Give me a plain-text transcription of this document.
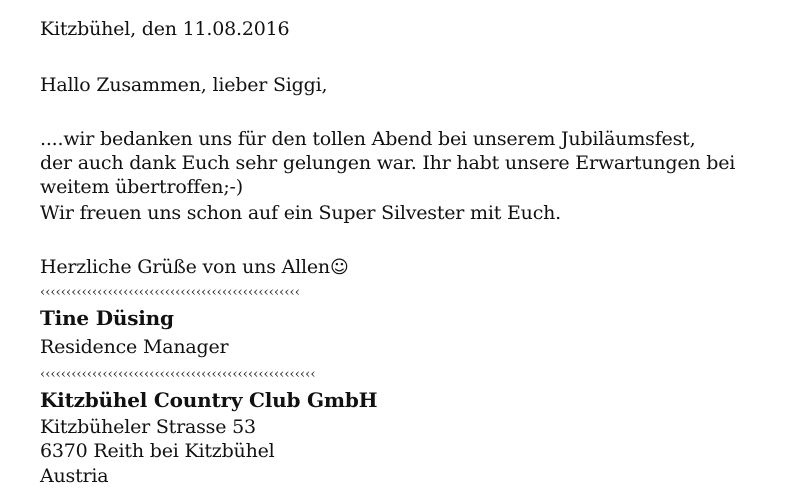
Kitzbühel, den 11.08.2016
Hallo Zusammen, lieber Siggi,
....wir bedanken uns für den tollen Abend bei unserem Jubiläumsfest,
der auch dank Euch sehr gelungen war. Ihr habt unsere Erwartungen bei
weitem übertroffen;-)
Wir freuen uns schon auf ein Super Silvester mit Euch.
Herzliche Grüße von uns Allen☺
‹‹‹‹‹‹‹‹‹‹‹‹‹‹‹‹‹‹‹‹‹‹‹‹‹‹‹‹‹‹‹‹‹‹‹‹‹‹‹‹‹‹‹‹‹‹‹‹‹‹
Tine Düsing
Residence Manager
‹‹‹‹‹‹‹‹‹‹‹‹‹‹‹‹‹‹‹‹‹‹‹‹‹‹‹‹‹‹‹‹‹‹‹‹‹‹‹‹‹‹‹‹‹‹‹‹‹‹‹‹‹
Kitzbühel Country Club GmbH
Kitzbüheler Strasse 53
6370 Reith bei Kitzbühel
Austria
